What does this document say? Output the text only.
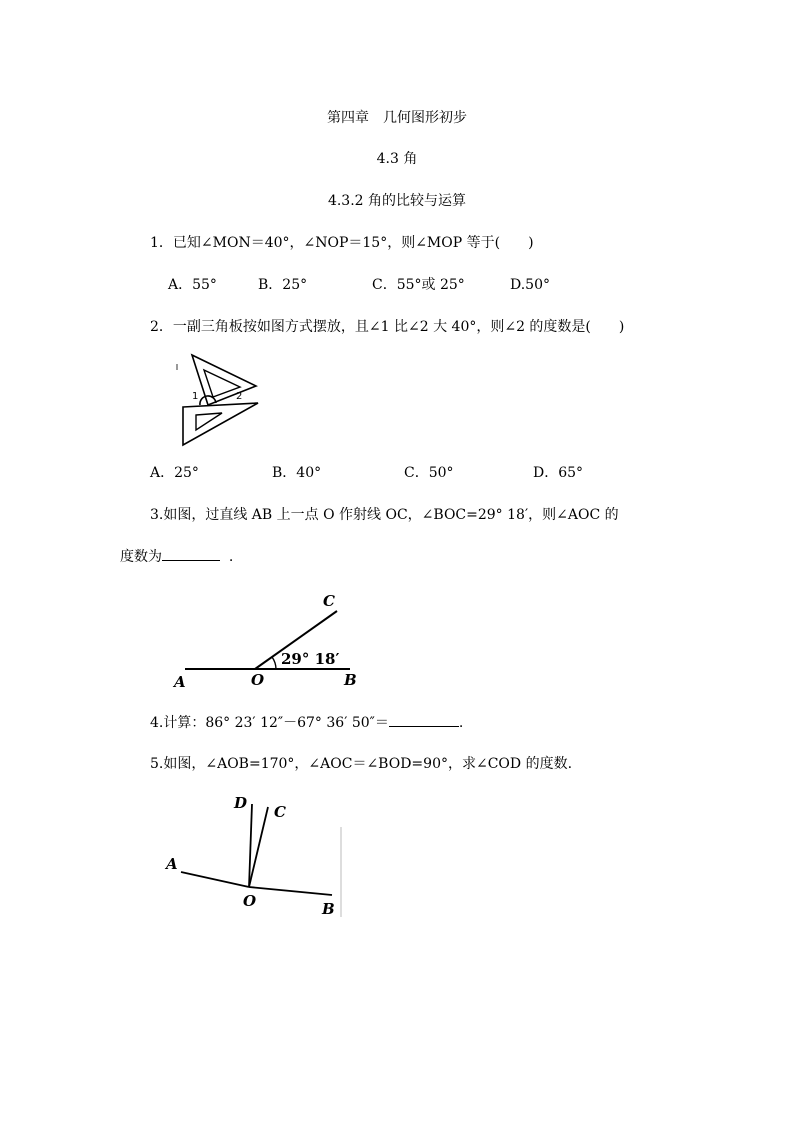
第四章　几何图形初步
4.3 角
4.3.2 角的比较与运算
1．已知∠MON＝40°，∠NOP＝15°，则∠MOP 等于(　　)
A．55°	B．25°	C．55°或 25°	D.50°
2．一副三角板按如图方式摆放，且∠1 比∠2 大 40°，则∠2 的度数是(　　)
1	2
A．25°	B．40°	C．50°	D．65°
3.如图，过直线 AB 上一点 O 作射线 OC，∠BOC=29° 18′，则∠AOC 的
度数为	.
C
A	O	B
29° 18′
4.计算：86° 23′ 12″－67° 36′ 50″＝	.
5.如图，∠AOB=170°，∠AOC＝∠BOD=90°，求∠COD 的度数.
D C
A
O	B
